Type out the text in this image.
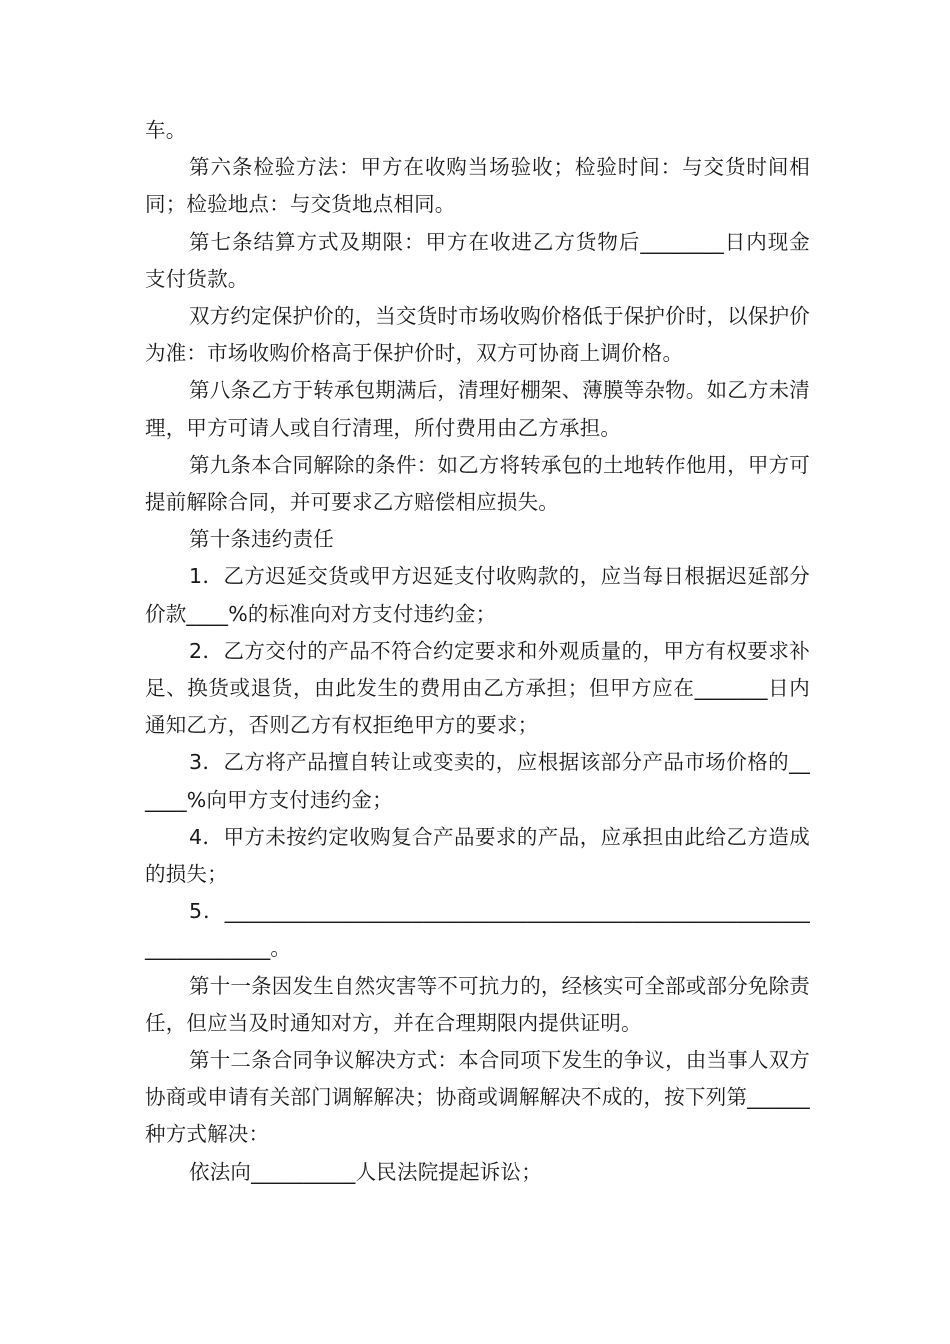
车。

第六条检验方法：甲方在收购当场验收；检验时间：与交货时间相同；检验地点：与交货地点相同。

第七条结算方式及期限：甲方在收进乙方货物后________日内现金支付货款。

双方约定保护价的，当交货时市场收购价格低于保护价时，以保护价为准：市场收购价格高于保护价时，双方可协商上调价格。

第八条乙方于转承包期满后，清理好棚架、薄膜等杂物。如乙方未清理，甲方可请人或自行清理，所付费用由乙方承担。

第九条本合同解除的条件：如乙方将转承包的土地转作他用，甲方可提前解除合同，并可要求乙方赔偿相应损失。

第十条违约责任

1．乙方迟延交货或甲方迟延支付收购款的，应当每日根据迟延部分价款____%的标准向对方支付违约金；

2．乙方交付的产品不符合约定要求和外观质量的，甲方有权要求补足、换货或退货，由此发生的费用由乙方承担；但甲方应在_______日内通知乙方，否则乙方有权拒绝甲方的要求；

3．乙方将产品擅自转让或变卖的，应根据该部分产品市场价格的______%向甲方支付违约金；

4．甲方未按约定收购复合产品要求的产品，应承担由此给乙方造成的损失；

5．____________________________________________________________________。

第十一条因发生自然灾害等不可抗力的，经核实可全部或部分免除责任，但应当及时通知对方，并在合理期限内提供证明。

第十二条合同争议解决方式：本合同项下发生的争议，由当事人双方协商或申请有关部门调解解决；协商或调解解决不成的，按下列第______种方式解决：

依法向__________人民法院提起诉讼；
